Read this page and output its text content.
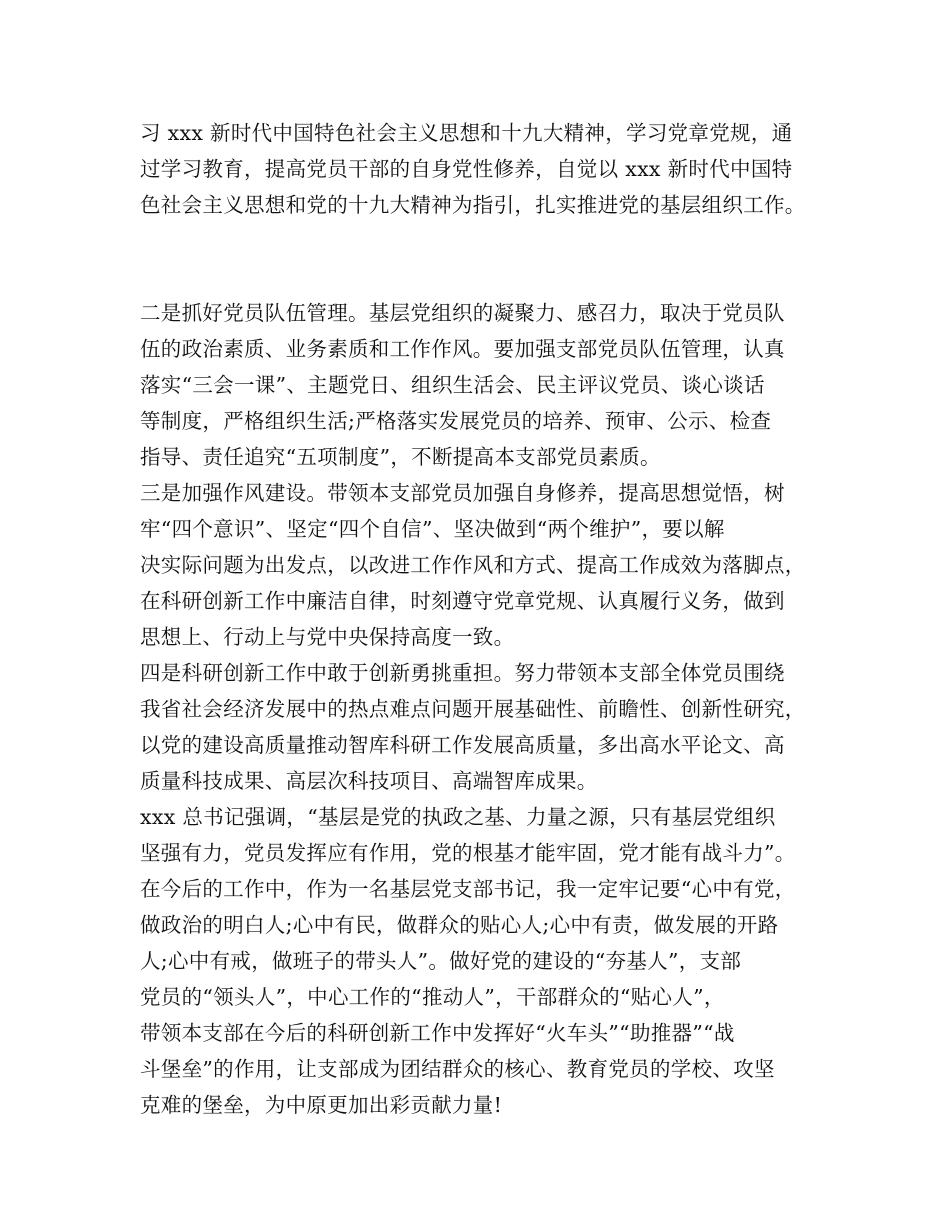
习 xxx 新时代中国特色社会主义思想和十九大精神，学习党章党规，通
过学习教育，提高党员干部的自身党性修养，自觉以 xxx 新时代中国特
色社会主义思想和党的十九大精神为指引，扎实推进党的基层组织工作。
二是抓好党员队伍管理。基层党组织的凝聚力、感召力，取决于党员队
伍的政治素质、业务素质和工作作风。要加强支部党员队伍管理，认真
落实“三会一课”、主题党日、组织生活会、民主评议党员、谈心谈话
等制度，严格组织生活;严格落实发展党员的培养、预审、公示、检查
指导、责任追究“五项制度”，不断提高本支部党员素质。
三是加强作风建设。带领本支部党员加强自身修养，提高思想觉悟，树
牢“四个意识”、坚定“四个自信”、坚决做到“两个维护”，要以解
决实际问题为出发点，以改进工作作风和方式、提高工作成效为落脚点，
在科研创新工作中廉洁自律，时刻遵守党章党规、认真履行义务，做到
思想上、行动上与党中央保持高度一致。
四是科研创新工作中敢于创新勇挑重担。努力带领本支部全体党员围绕
我省社会经济发展中的热点难点问题开展基础性、前瞻性、创新性研究，
以党的建设高质量推动智库科研工作发展高质量，多出高水平论文、高
质量科技成果、高层次科技项目、高端智库成果。
xxx 总书记强调，“基层是党的执政之基、力量之源，只有基层党组织
坚强有力，党员发挥应有作用，党的根基才能牢固，党才能有战斗力”。
在今后的工作中，作为一名基层党支部书记，我一定牢记要“心中有党，
做政治的明白人;心中有民，做群众的贴心人;心中有责，做发展的开路
人;心中有戒，做班子的带头人”。做好党的建设的“夯基人”，支部
党员的“领头人”，中心工作的“推动人”，干部群众的“贴心人”，
带领本支部在今后的科研创新工作中发挥好“火车头”“助推器”“战
斗堡垒”的作用，让支部成为团结群众的核心、教育党员的学校、攻坚
克难的堡垒，为中原更加出彩贡献力量!
